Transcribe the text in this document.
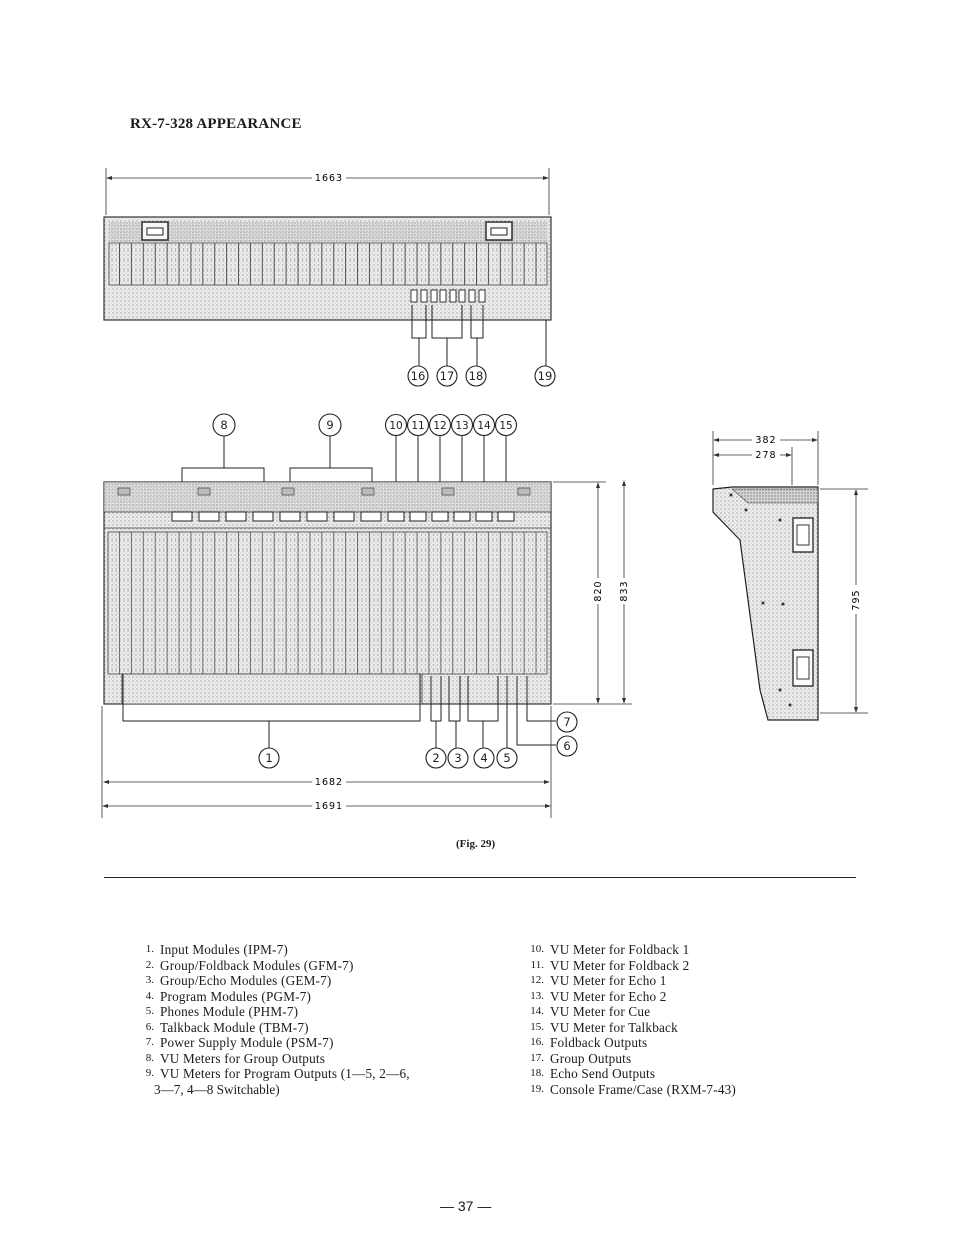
RX-7-328 APPEARANCE
1663
16 17 18	19
8	9	10 11 12 13 14 15
1	2 3 4 5
6
7
820 833
1682
1691
382
278
795
(Fig. 29)
1. Input Modules (IPM-7)
2. Group/Foldback Modules (GFM-7)
3. Group/Echo Modules (GEM-7)
4. Program Modules (PGM-7)
5. Phones Module (PHM-7)
6. Talkback Module (TBM-7)
7. Power Supply Module (PSM-7)
8. VU Meters for Group Outputs
9. VU Meters for Program Outputs (1—5, 2—6,
3—7, 4—8 Switchable)
10. VU Meter for Foldback 1
11. VU Meter for Foldback 2
12. VU Meter for Echo 1
13. VU Meter for Echo 2
14. VU Meter for Cue
15. VU Meter for Talkback
16. Foldback Outputs
17. Group Outputs
18. Echo Send Outputs
19. Console Frame/Case (RXM-7-43)
— 37 —
